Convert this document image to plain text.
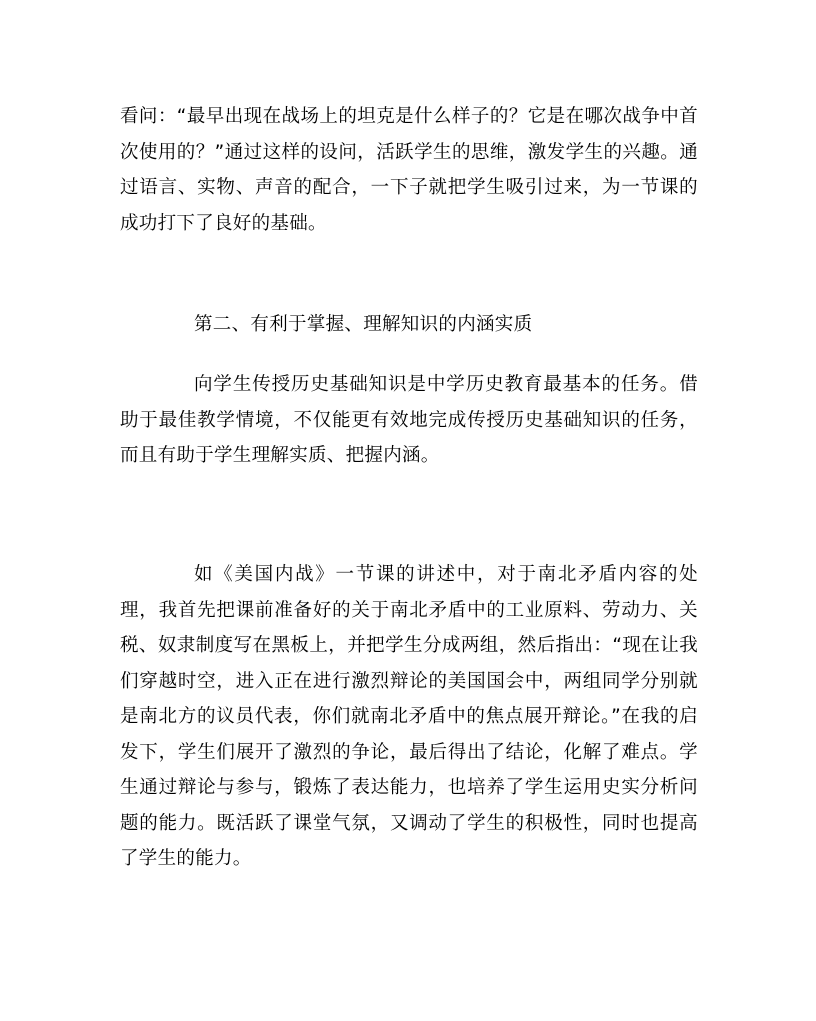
看问：“最早出现在战场上的坦克是什么样子的？它是在哪次战争中首次使用的？”通过这样的设问，活跃学生的思维，激发学生的兴趣。通过语言、实物、声音的配合，一下子就把学生吸引过来，为一节课的成功打下了良好的基础。

第二、有利于掌握、理解知识的内涵实质

向学生传授历史基础知识是中学历史教育最基本的任务。借助于最佳教学情境，不仅能更有效地完成传授历史基础知识的任务，而且有助于学生理解实质、把握内涵。

如《美国内战》一节课的讲述中，对于南北矛盾内容的处理，我首先把课前准备好的关于南北矛盾中的工业原料、劳动力、关税、奴隶制度写在黑板上，并把学生分成两组，然后指出：“现在让我们穿越时空，进入正在进行激烈辩论的美国国会中，两组同学分别就是南北方的议员代表，你们就南北矛盾中的焦点展开辩论。”在我的启发下，学生们展开了激烈的争论，最后得出了结论，化解了难点。学生通过辩论与参与，锻炼了表达能力，也培养了学生运用史实分析问题的能力。既活跃了课堂气氛，又调动了学生的积极性，同时也提高了学生的能力。
